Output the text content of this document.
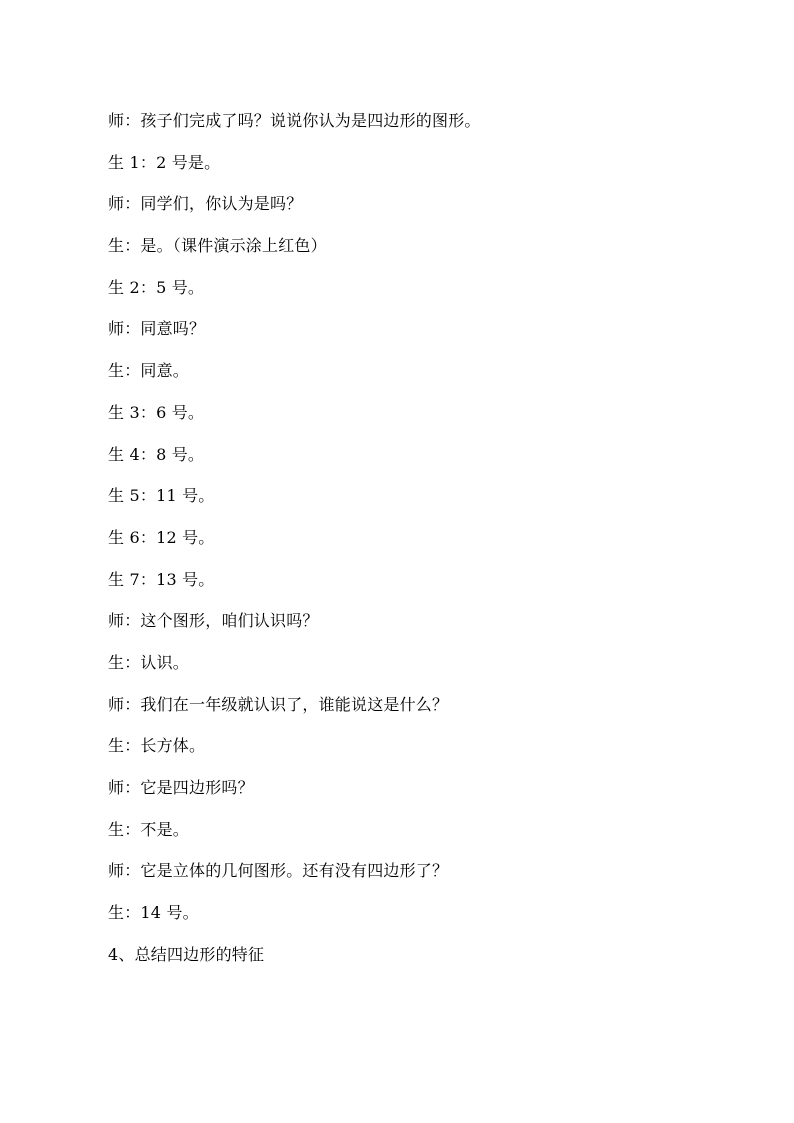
师：孩子们完成了吗？说说你认为是四边形的图形。
生 1：2 号是。
师：同学们，你认为是吗？
生：是。（课件演示涂上红色）
生 2：5 号。
师：同意吗？
生：同意。
生 3：6 号。
生 4：8 号。
生 5：11 号。
生 6：12 号。
生 7：13 号。
师：这个图形，咱们认识吗？
生：认识。
师：我们在一年级就认识了，谁能说这是什么？
生：长方体。
师：它是四边形吗？
生：不是。
师：它是立体的几何图形。还有没有四边形了？
生：14 号。
4、总结四边形的特征
